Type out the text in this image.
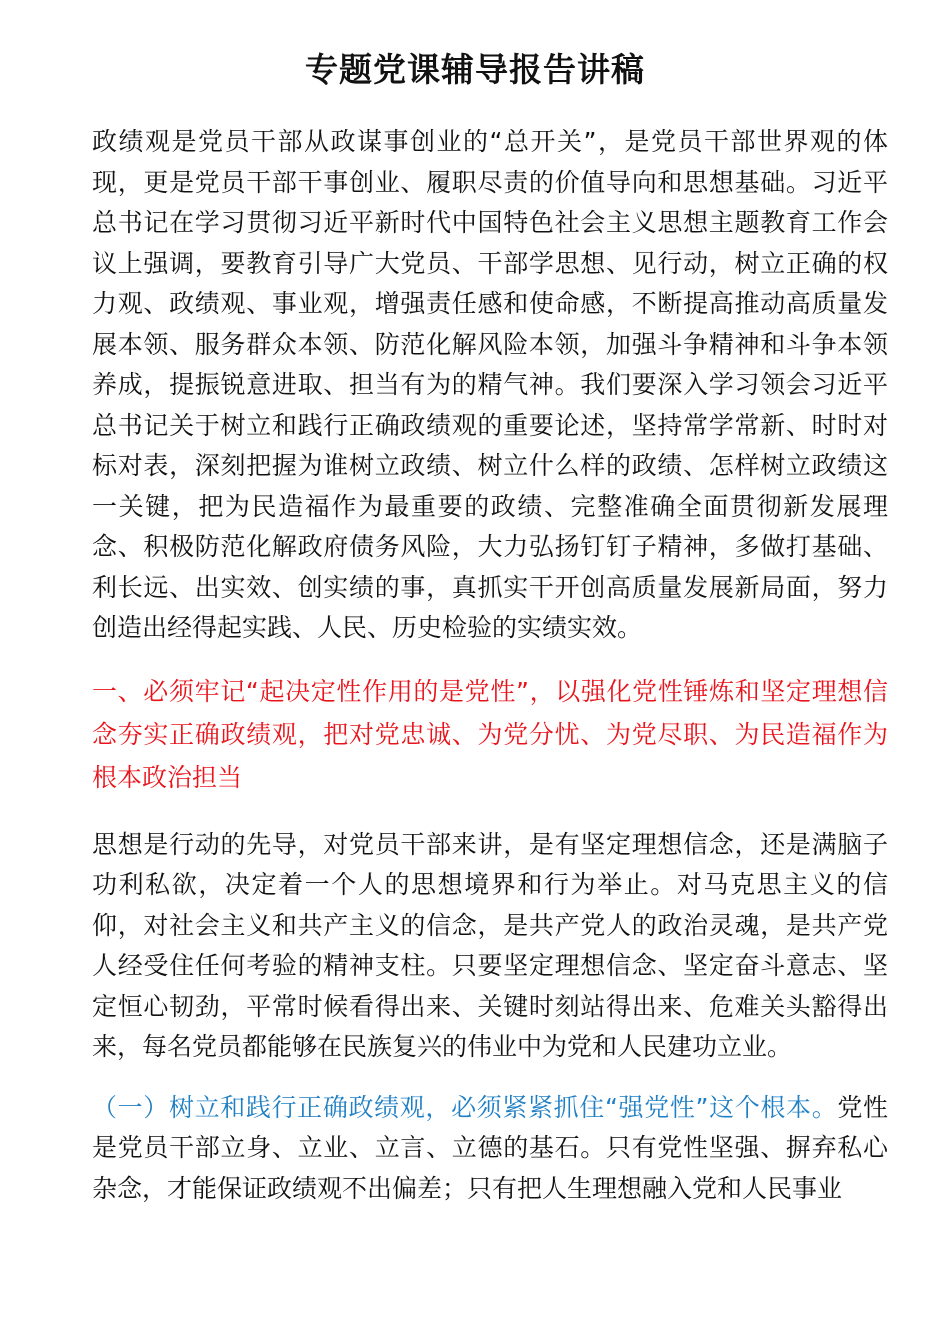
专题党课辅导报告讲稿

政绩观是党员干部从政谋事创业的“总开关”，是党员干部世界观的体现，更是党员干部干事创业、履职尽责的价值导向和思想基础。习近平总书记在学习贯彻习近平新时代中国特色社会主义思想主题教育工作会议上强调，要教育引导广大党员、干部学思想、见行动，树立正确的权力观、政绩观、事业观，增强责任感和使命感，不断提高推动高质量发展本领、服务群众本领、防范化解风险本领，加强斗争精神和斗争本领养成，提振锐意进取、担当有为的精气神。我们要深入学习领会习近平总书记关于树立和践行正确政绩观的重要论述，坚持常学常新、时时对标对表，深刻把握为谁树立政绩、树立什么样的政绩、怎样树立政绩这一关键，把为民造福作为最重要的政绩、完整准确全面贯彻新发展理念、积极防范化解政府债务风险，大力弘扬钉钉子精神，多做打基础、利长远、出实效、创实绩的事，真抓实干开创高质量发展新局面，努力创造出经得起实践、人民、历史检验的实绩实效。

一、必须牢记“起决定性作用的是党性”，以强化党性锤炼和坚定理想信念夯实正确政绩观，把对党忠诚、为党分忧、为党尽职、为民造福作为根本政治担当

思想是行动的先导，对党员干部来讲，是有坚定理想信念，还是满脑子功利私欲，决定着一个人的思想境界和行为举止。对马克思主义的信仰，对社会主义和共产主义的信念，是共产党人的政治灵魂，是共产党人经受住任何考验的精神支柱。只要坚定理想信念、坚定奋斗意志、坚定恒心韧劲，平常时候看得出来、关键时刻站得出来、危难关头豁得出来，每名党员都能够在民族复兴的伟业中为党和人民建功立业。

（一）树立和践行正确政绩观，必须紧紧抓住“强党性”这个根本。党性是党员干部立身、立业、立言、立德的基石。只有党性坚强、摒弃私心杂念，才能保证政绩观不出偏差；只有把人生理想融入党和人民事业
